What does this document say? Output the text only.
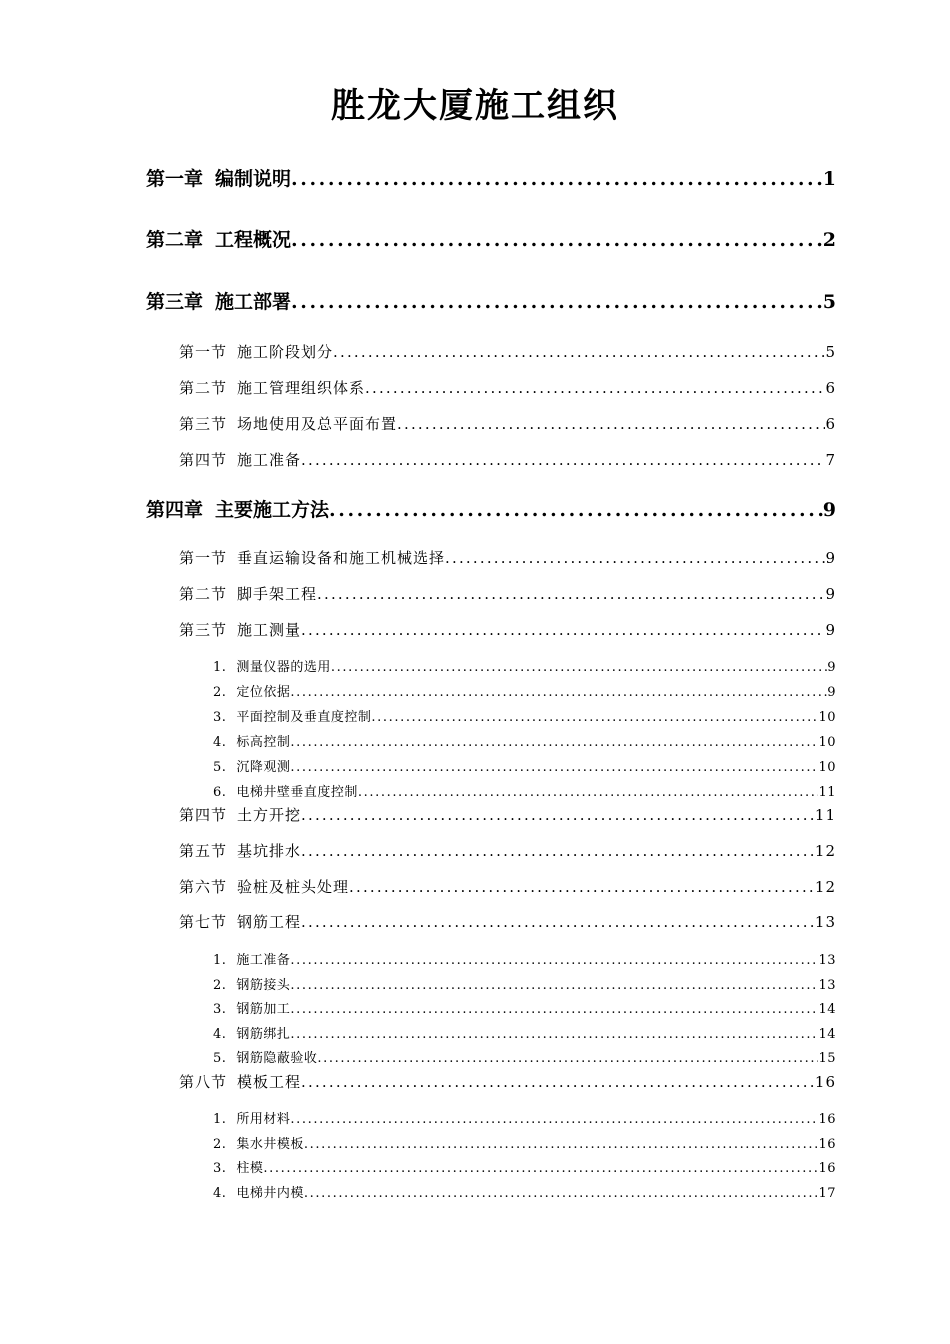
胜龙大厦施工组织
第一章 编制说明 .....	1
第二章 工程概况 .....	2
第三章 施工部署 .....	5
第一节 施工阶段划分 .....	5
第二节 施工管理组织体系 .....	6
第三节 场地使用及总平面布置 .....	6
第四节 施工准备 .....	7
第四章 主要施工方法 .....	9
第一节 垂直运输设备和施工机械选择 .....	9
第二节 脚手架工程 .....	9
第三节 施工测量 .....	9
1. 测量仪器的选用 .....	9
2. 定位依据 .....	9
3. 平面控制及垂直度控制 .....	10
4. 标高控制 .....	10
5. 沉降观测 .....	10
6. 电梯井壁垂直度控制 .....	11
第四节 土方开挖 .....	11
第五节 基坑排水 .....	12
第六节 验桩及桩头处理 .....	12
第七节 钢筋工程 .....	13
1. 施工准备 .....	13
2. 钢筋接头 .....	13
3. 钢筋加工 .....	14
4. 钢筋绑扎 .....	14
5. 钢筋隐蔽验收 .....	15
第八节 模板工程 .....	16
1. 所用材料 .....	16
2. 集水井模板 .....	16
3. 柱模 .....	16
4. 电梯井内模 .....	17
